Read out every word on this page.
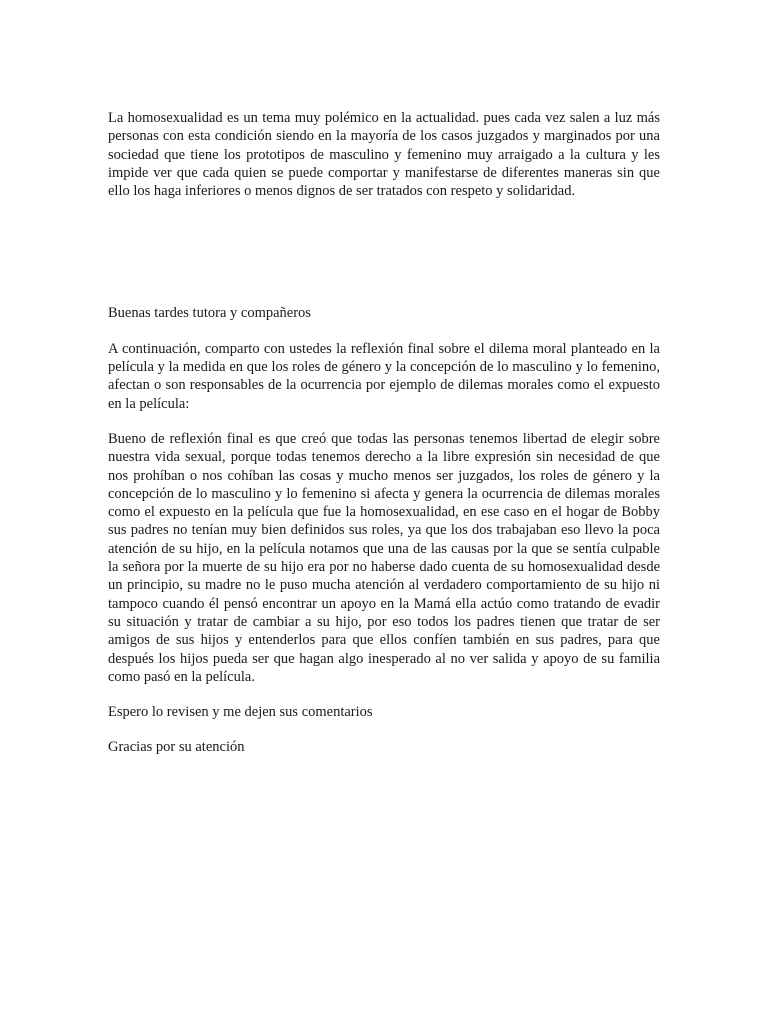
La homosexualidad es un tema muy polémico en la actualidad. pues cada vez salen a luz más personas con esta condición siendo en la mayoría de los casos juzgados y marginados por una sociedad que tiene los prototipos de masculino y femenino muy arraigado a la cultura y les impide ver que cada quien se puede comportar y manifestarse de diferentes maneras sin que ello los haga inferiores o menos dignos de ser tratados con respeto y solidaridad.

Buenas tardes tutora y compañeros

A continuación, comparto con ustedes la reflexión final sobre el dilema moral planteado en la película y la medida en que los roles de género y la concepción de lo masculino y lo femenino, afectan o son responsables de la ocurrencia por ejemplo de dilemas morales como el expuesto en la película:

Bueno de reflexión final es que creó que todas las personas tenemos libertad de elegir sobre nuestra vida sexual, porque todas tenemos derecho a la libre expresión sin necesidad de que nos prohíban o nos cohíban las cosas y mucho menos ser juzgados, los roles de género y la concepción de lo masculino y lo femenino si afecta y genera la ocurrencia de dilemas morales como el expuesto en la película que fue la homosexualidad, en ese caso en el hogar de Bobby sus padres no tenían muy bien definidos sus roles, ya que los dos trabajaban eso llevo la poca atención de su hijo, en la película notamos que una de las causas por la que se sentía culpable la señora por la muerte de su hijo era por no haberse dado cuenta de su homosexualidad desde un principio, su madre no le puso mucha atención al verdadero comportamiento de su hijo ni tampoco cuando él pensó encontrar un apoyo en la Mamá ella actúo como tratando de evadir su situación y tratar de cambiar a su hijo, por eso todos los padres tienen que tratar de ser amigos de sus hijos y entenderlos para que ellos confíen también en sus padres, para que después los hijos pueda ser que hagan algo inesperado al no ver salida y apoyo de su familia como pasó en la película.

Espero lo revisen y me dejen sus comentarios

Gracias por su atención
